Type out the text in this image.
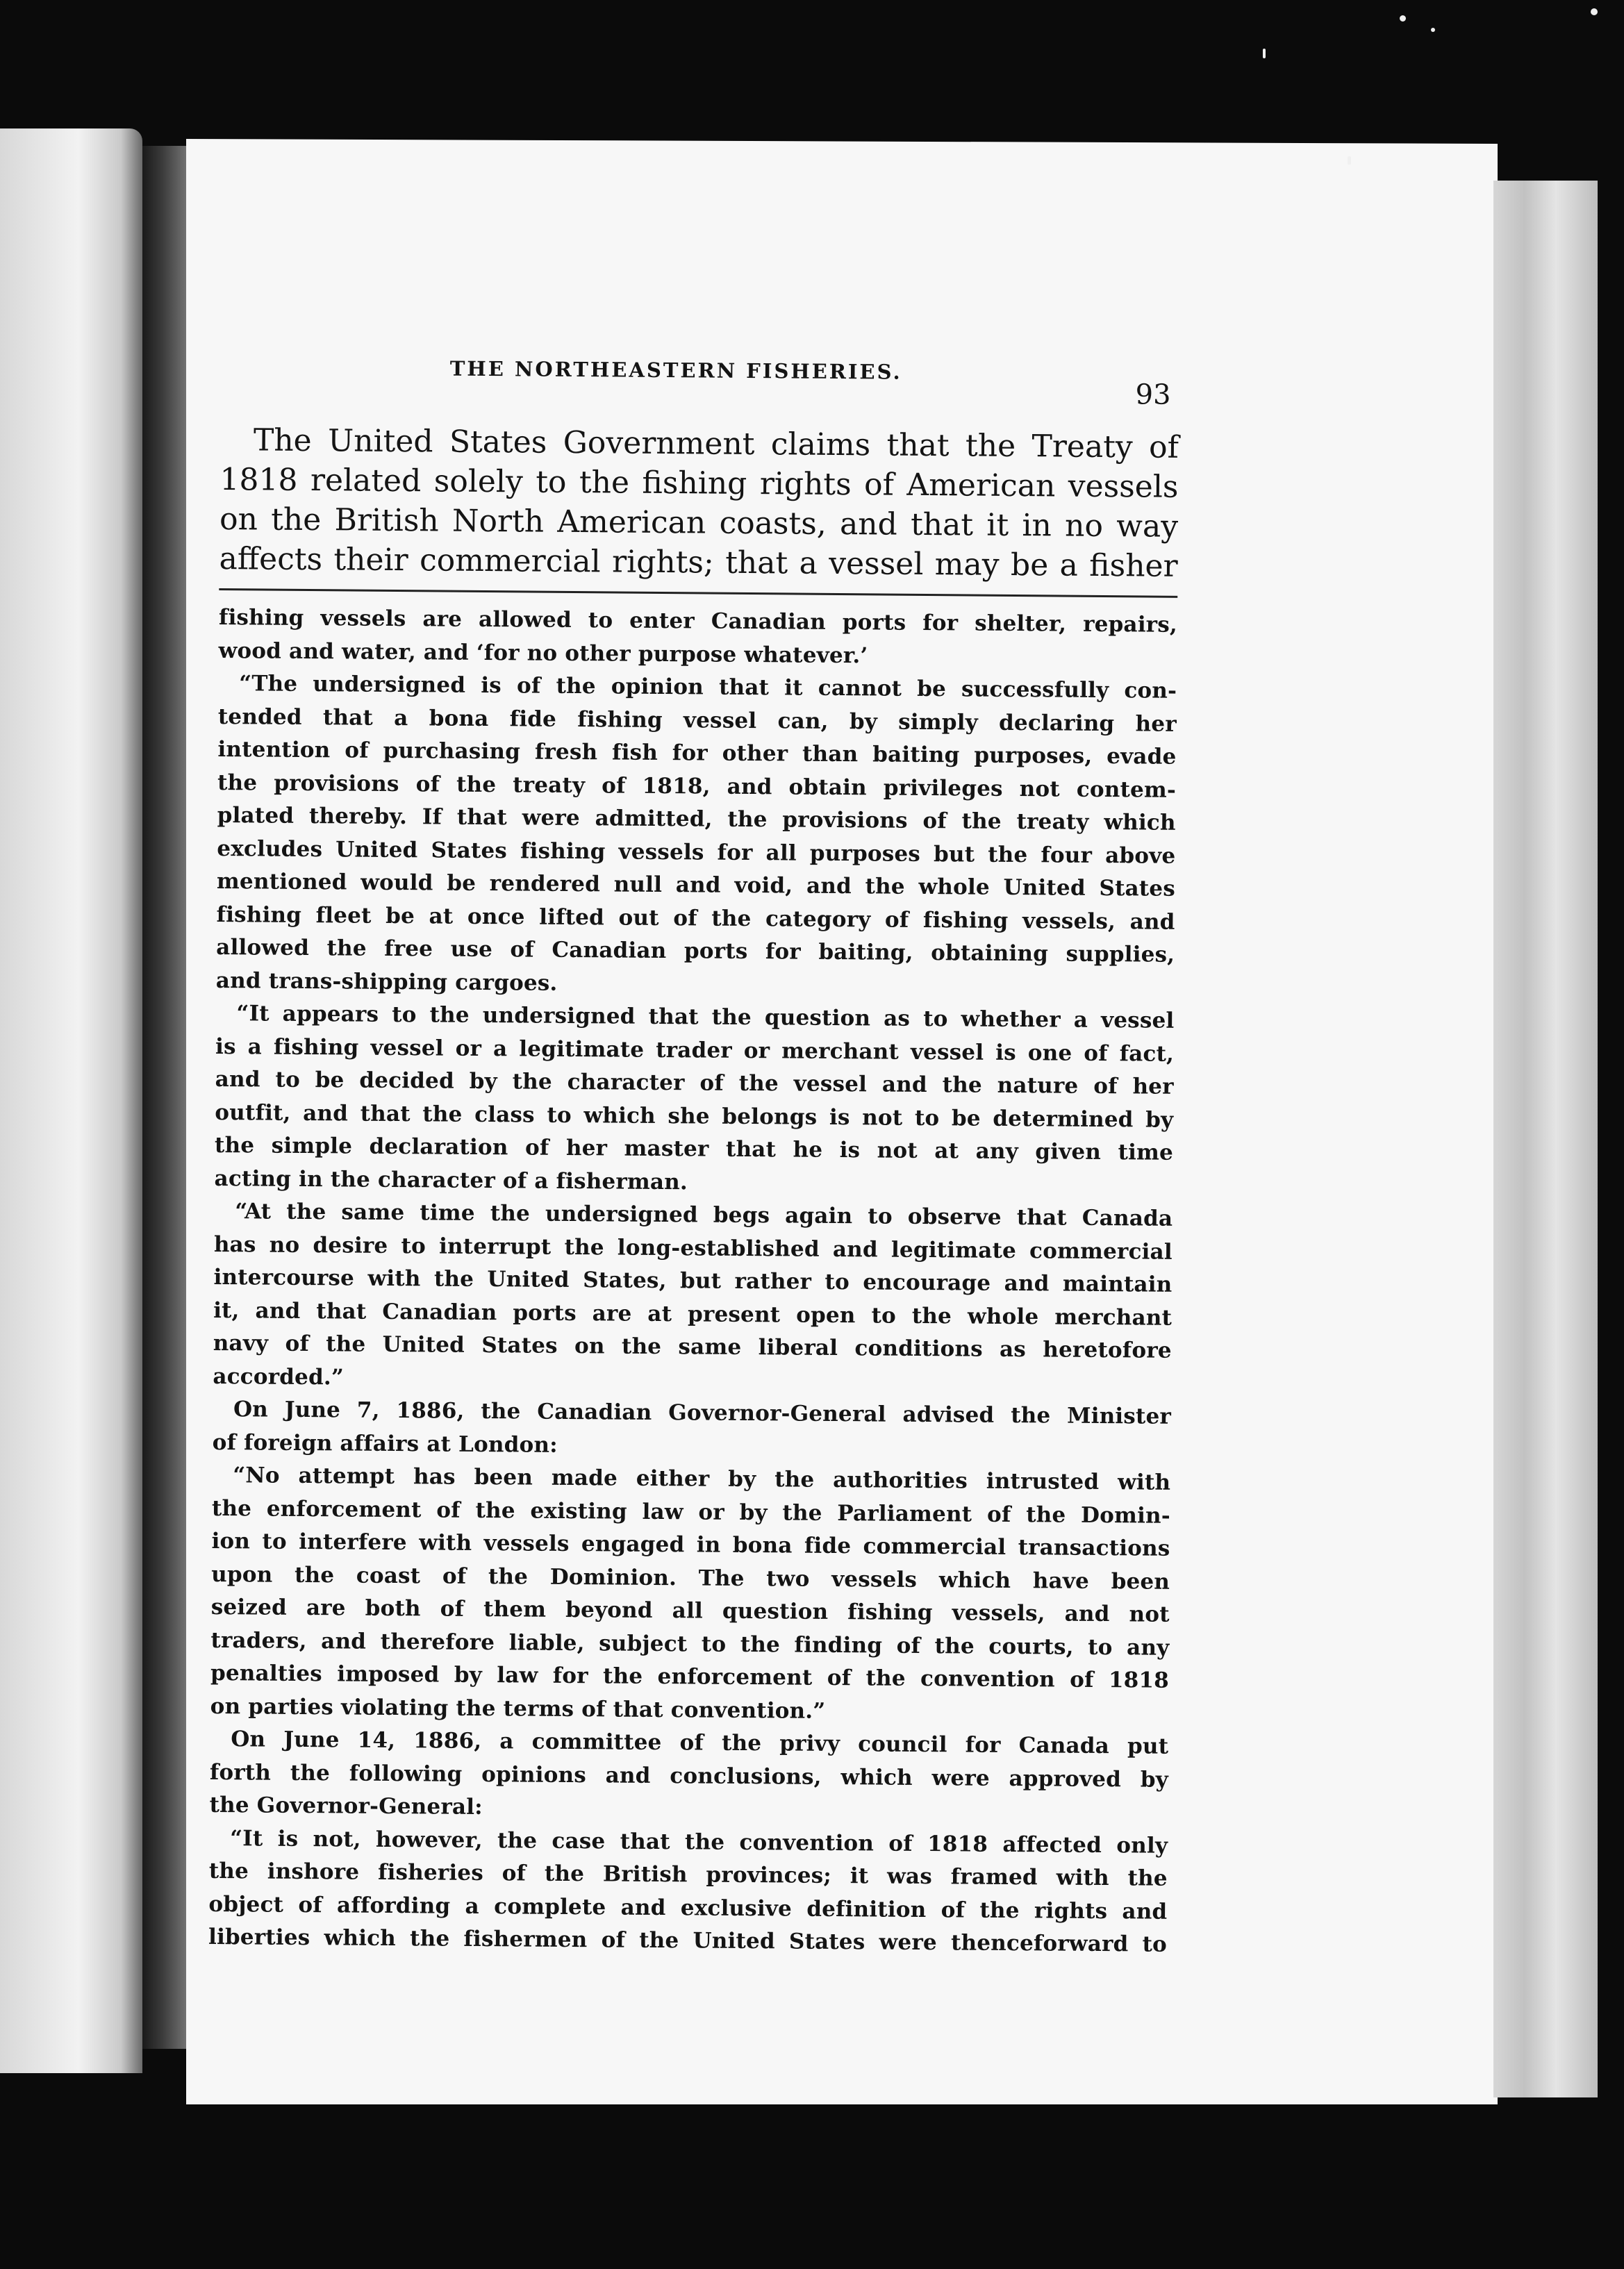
THE NORTHEASTERN FISHERIES.
93
The United States Government claims that the Treaty of
1818 related solely to the fishing rights of American vessels
on the British North American coasts, and that it in no way
affects their commercial rights; that a vessel may be a fisher
fishing vessels are allowed to enter Canadian ports for shelter, repairs,
wood and water, and ‘for no other purpose whatever.’
“The undersigned is of the opinion that it cannot be successfully con-
tended that a bona fide fishing vessel can, by simply declaring her
intention of purchasing fresh fish for other than baiting purposes, evade
the provisions of the treaty of 1818, and obtain privileges not contem-
plated thereby. If that were admitted, the provisions of the treaty which
excludes United States fishing vessels for all purposes but the four above
mentioned would be rendered null and void, and the whole United States
fishing fleet be at once lifted out of the category of fishing vessels, and
allowed the free use of Canadian ports for baiting, obtaining supplies,
and trans-shipping cargoes.
“It appears to the undersigned that the question as to whether a vessel
is a fishing vessel or a legitimate trader or merchant vessel is one of fact,
and to be decided by the character of the vessel and the nature of her
outfit, and that the class to which she belongs is not to be determined by
the simple declaration of her master that he is not at any given time
acting in the character of a fisherman.
“At the same time the undersigned begs again to observe that Canada
has no desire to interrupt the long-established and legitimate commercial
intercourse with the United States, but rather to encourage and maintain
it, and that Canadian ports are at present open to the whole merchant
navy of the United States on the same liberal conditions as heretofore
accorded.”
On June 7, 1886, the Canadian Governor-General advised the Minister
of foreign affairs at London:
“No attempt has been made either by the authorities intrusted with
the enforcement of the existing law or by the Parliament of the Domin-
ion to interfere with vessels engaged in bona fide commercial transactions
upon the coast of the Dominion. The two vessels which have been
seized are both of them beyond all question fishing vessels, and not
traders, and therefore liable, subject to the finding of the courts, to any
penalties imposed by law for the enforcement of the convention of 1818
on parties violating the terms of that convention.”
On June 14, 1886, a committee of the privy council for Canada put
forth the following opinions and conclusions, which were approved by
the Governor-General:
“It is not, however, the case that the convention of 1818 affected only
the inshore fisheries of the British provinces; it was framed with the
object of affording a complete and exclusive definition of the rights and
liberties which the fishermen of the United States were thenceforward to
